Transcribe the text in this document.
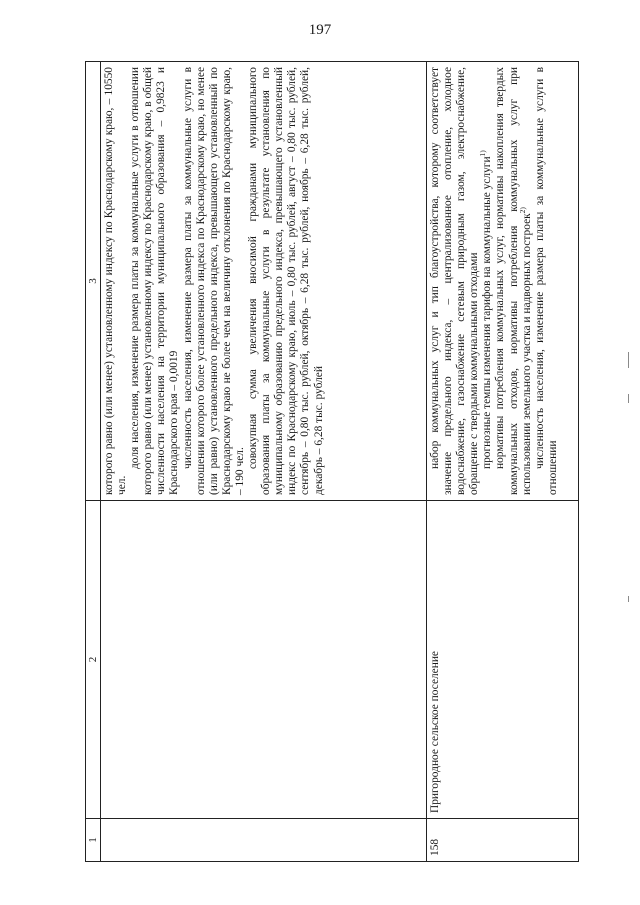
197
1	2	3

		которого равно (или менее) установленному индексу по Краснодарскому краю, – 10550 чел.

доля населения, изменение размера платы за коммунальные услуги в отношении которого равно (или менее) установленному индексу по Краснодарскому краю, в общей численности населения на территории муниципального образования – 0,9823 и Краснодарского края – 0,0019 численность населения, изменение размера платы за коммунальные услуги в отношении которого более установленного индекса по Краснодарскому краю, но менее (или равно) установленного предельного индекса, превышающего установленный по Краснодарскому краю не более чем на величину отклонения по Краснодарскому краю, – 190 чел.

совокупная сумма увеличения вносимой гражданами муниципального образования платы за коммунальные услуги в результате установления по муниципальному образованию предельного индекса, превышающего установленный индекс по Краснодарскому краю, июль – 0,80 тыс. рублей, август – 0,80 тыс. рублей, сентябрь – 0,80 тыс. рублей, октябрь – 6,28 тыс. рублей, ноябрь – 6,28 тыс. рублей, декабрь – 6,28 тыс. рублей

158	Пригородное сельское поселение	набор коммунальных услуг и тип благоустройства, которому соответствует значение предельного индекса, – централизованное отопление, холодное водоснабжение, газоснабжение сетевым природным газом, электроснабжение, обращение с твердыми коммунальными отходами прогнозные темпы изменения тарифов на коммунальные услуги$^{1)}$ нормативы потребления коммунальных услуг, нормативы накопления твердых коммунальных отходов, нормативы потребления коммунальных услуг при использовании земельного участка и надворных построек$^{2)}$ численность населения, изменение размера платы за коммунальные услуги в отношении
